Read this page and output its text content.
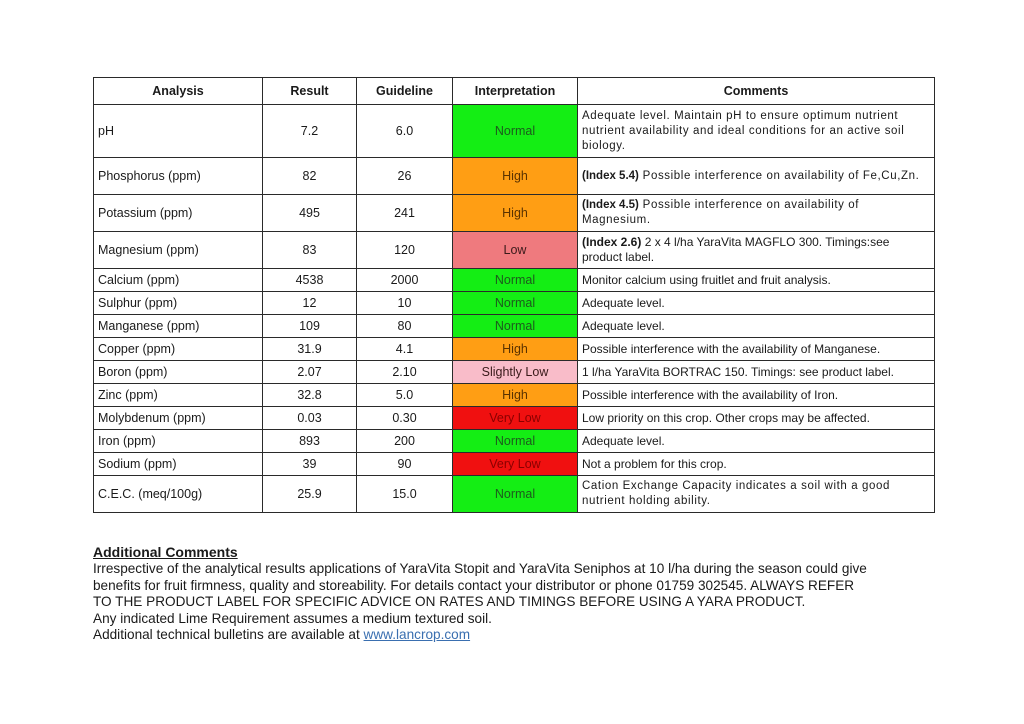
Analysis	Result	Guideline	Interpretation	Comments
pH	7.2	6.0	Normal	Adequate level. Maintain pH to ensure optimum nutrient nutrient availability and ideal conditions for an active soil biology.
Phosphorus (ppm)	82	26	High	(Index 5.4) Possible interference on availability of Fe,Cu,Zn.
Potassium (ppm)	495	241	High	(Index 4.5) Possible interference on availability of Magnesium.
Magnesium (ppm)	83	120	Low	(Index 2.6) 2 x 4 l/ha YaraVita MAGFLO 300. Timings:see product label.
Calcium (ppm)	4538	2000	Normal	Monitor calcium using fruitlet and fruit analysis.
Sulphur (ppm)	12	10	Normal	Adequate level.
Manganese (ppm)	109	80	Normal	Adequate level.
Copper (ppm)	31.9	4.1	High	Possible interference with the availability of Manganese.
Boron (ppm)	2.07	2.10	Slightly Low	1 l/ha YaraVita BORTRAC 150. Timings: see product label.
Zinc (ppm)	32.8	5.0	High	Possible interference with the availability of Iron.
Molybdenum (ppm)	0.03	0.30	Very Low	Low priority on this crop. Other crops may be affected.
Iron (ppm)	893	200	Normal	Adequate level.
Sodium (ppm)	39	90	Very Low	Not a problem for this crop.
C.E.C. (meq/100g)	25.9	15.0	Normal	Cation Exchange Capacity indicates a soil with a good nutrient holding ability.
Additional Comments
Irrespective of the analytical results applications of YaraVita Stopit and YaraVita Seniphos at 10 l/ha during the season could give
benefits for fruit firmness, quality and storeability. For details contact your distributor or phone 01759 302545. ALWAYS REFER
TO THE PRODUCT LABEL FOR SPECIFIC ADVICE ON RATES AND TIMINGS BEFORE USING A YARA PRODUCT.
Any indicated Lime Requirement assumes a medium textured soil.
Additional technical bulletins are available at www.lancrop.com
